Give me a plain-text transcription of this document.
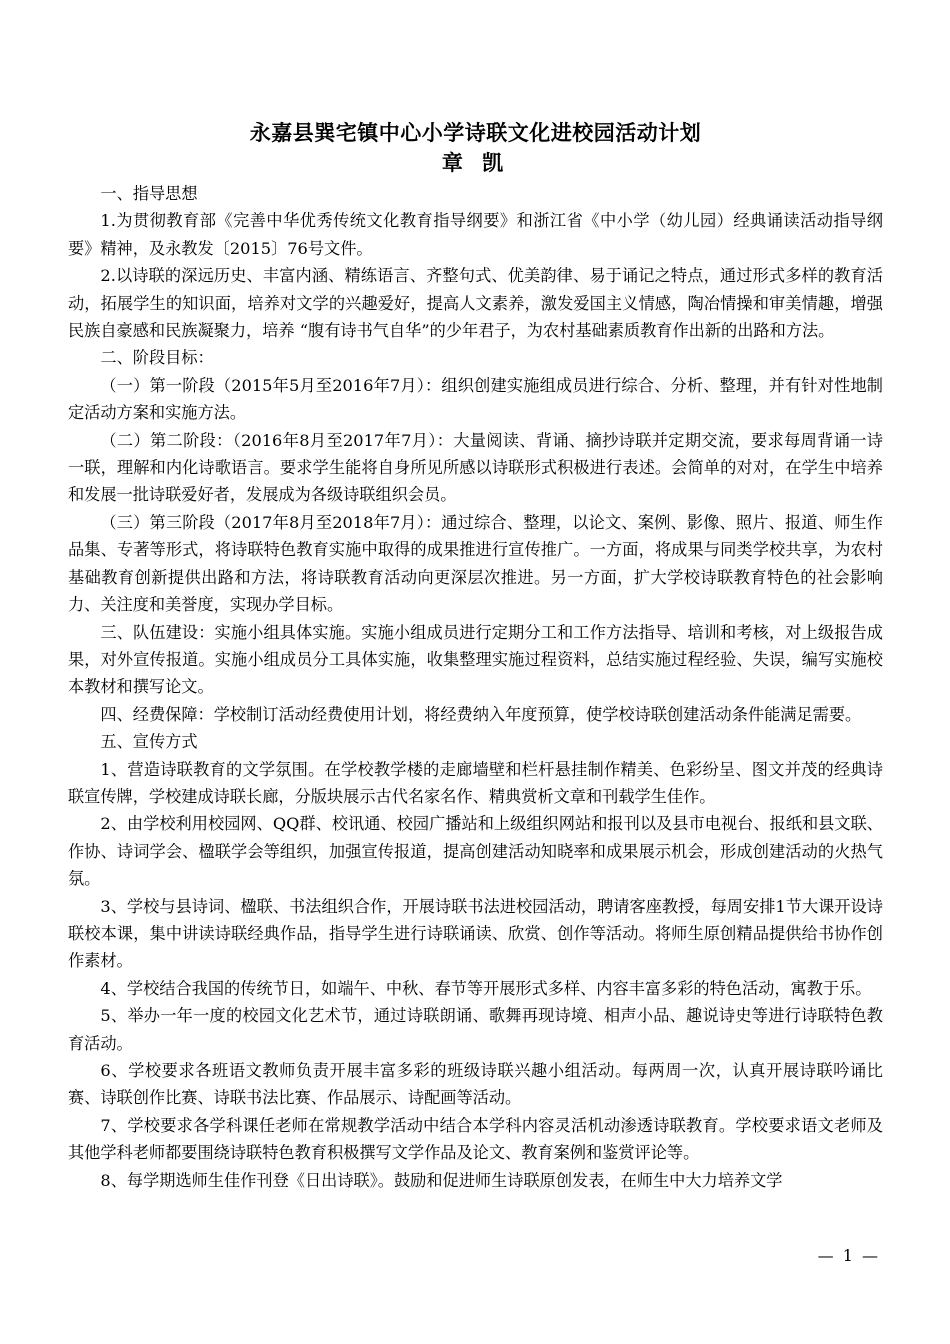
永嘉县巽宅镇中心小学诗联文化进校园活动计划
章 凯

一、指导思想

1.为贯彻教育部《完善中华优秀传统文化教育指导纲要》和浙江省《中小学（幼儿园）经典诵读活动指导纲要》精神，及永教发〔2015〕76号文件。

2.以诗联的深远历史、丰富内涵、精练语言、齐整句式、优美韵律、易于诵记之特点，通过形式多样的教育活动，拓展学生的知识面，培养对文学的兴趣爱好，提高人文素养，激发爱国主义情感，陶冶情操和审美情趣，增强民族自豪感和民族凝聚力，培养 “腹有诗书气自华”的少年君子，为农村基础素质教育作出新的出路和方法。

二、阶段目标：

（一）第一阶段（2015年5月至2016年7月）：组织创建实施组成员进行综合、分析、整理，并有针对性地制定活动方案和实施方法。

（二）第二阶段：（2016年8月至2017年7月）：大量阅读、背诵、摘抄诗联并定期交流，要求每周背诵一诗一联，理解和内化诗歌语言。要求学生能将自身所见所感以诗联形式积极进行表述。会简单的对对，在学生中培养和发展一批诗联爱好者，发展成为各级诗联组织会员。

（三）第三阶段（2017年8月至2018年7月）：通过综合、整理，以论文、案例、影像、照片、报道、师生作品集、专著等形式，将诗联特色教育实施中取得的成果推进行宣传推广。一方面，将成果与同类学校共享，为农村基础教育创新提供出路和方法，将诗联教育活动向更深层次推进。另一方面，扩大学校诗联教育特色的社会影响力、关注度和美誉度，实现办学目标。

三、队伍建设：实施小组具体实施。实施小组成员进行定期分工和工作方法指导、培训和考核，对上级报告成果，对外宣传报道。实施小组成员分工具体实施，收集整理实施过程资料，总结实施过程经验、失误，编写实施校本教材和撰写论文。

四、经费保障：学校制订活动经费使用计划，将经费纳入年度预算，使学校诗联创建活动条件能满足需要。

五、宣传方式

1、营造诗联教育的文学氛围。在学校教学楼的走廊墙壁和栏杆悬挂制作精美、色彩纷呈、图文并茂的经典诗联宣传牌，学校建成诗联长廊，分版块展示古代名家名作、精典赏析文章和刊载学生佳作。

2、由学校利用校园网、QQ群、校讯通、校园广播站和上级组织网站和报刊以及县市电视台、报纸和县文联、作协、诗词学会、楹联学会等组织，加强宣传报道，提高创建活动知晓率和成果展示机会，形成创建活动的火热气氛。

3、学校与县诗词、楹联、书法组织合作，开展诗联书法进校园活动，聘请客座教授，每周安排1节大课开设诗联校本课，集中讲读诗联经典作品，指导学生进行诗联诵读、欣赏、创作等活动。将师生原创精品提供给书协作创作素材。

4、学校结合我国的传统节日，如端午、中秋、春节等开展形式多样、内容丰富多彩的特色活动，寓教于乐。

5、举办一年一度的校园文化艺术节，通过诗联朗诵、歌舞再现诗境、相声小品、趣说诗史等进行诗联特色教育活动。

6、学校要求各班语文教师负责开展丰富多彩的班级诗联兴趣小组活动。每两周一次，认真开展诗联吟诵比赛、诗联创作比赛、诗联书法比赛、作品展示、诗配画等活动。

7、学校要求各学科课任老师在常规教学活动中结合本学科内容灵活机动渗透诗联教育。学校要求语文老师及其他学科老师都要围绕诗联特色教育积极撰写文学作品及论文、教育案例和鉴赏评论等。

8、每学期选师生佳作刊登《日出诗联》。鼓励和促进师生诗联原创发表，在师生中大力培养文学

— 1 —
